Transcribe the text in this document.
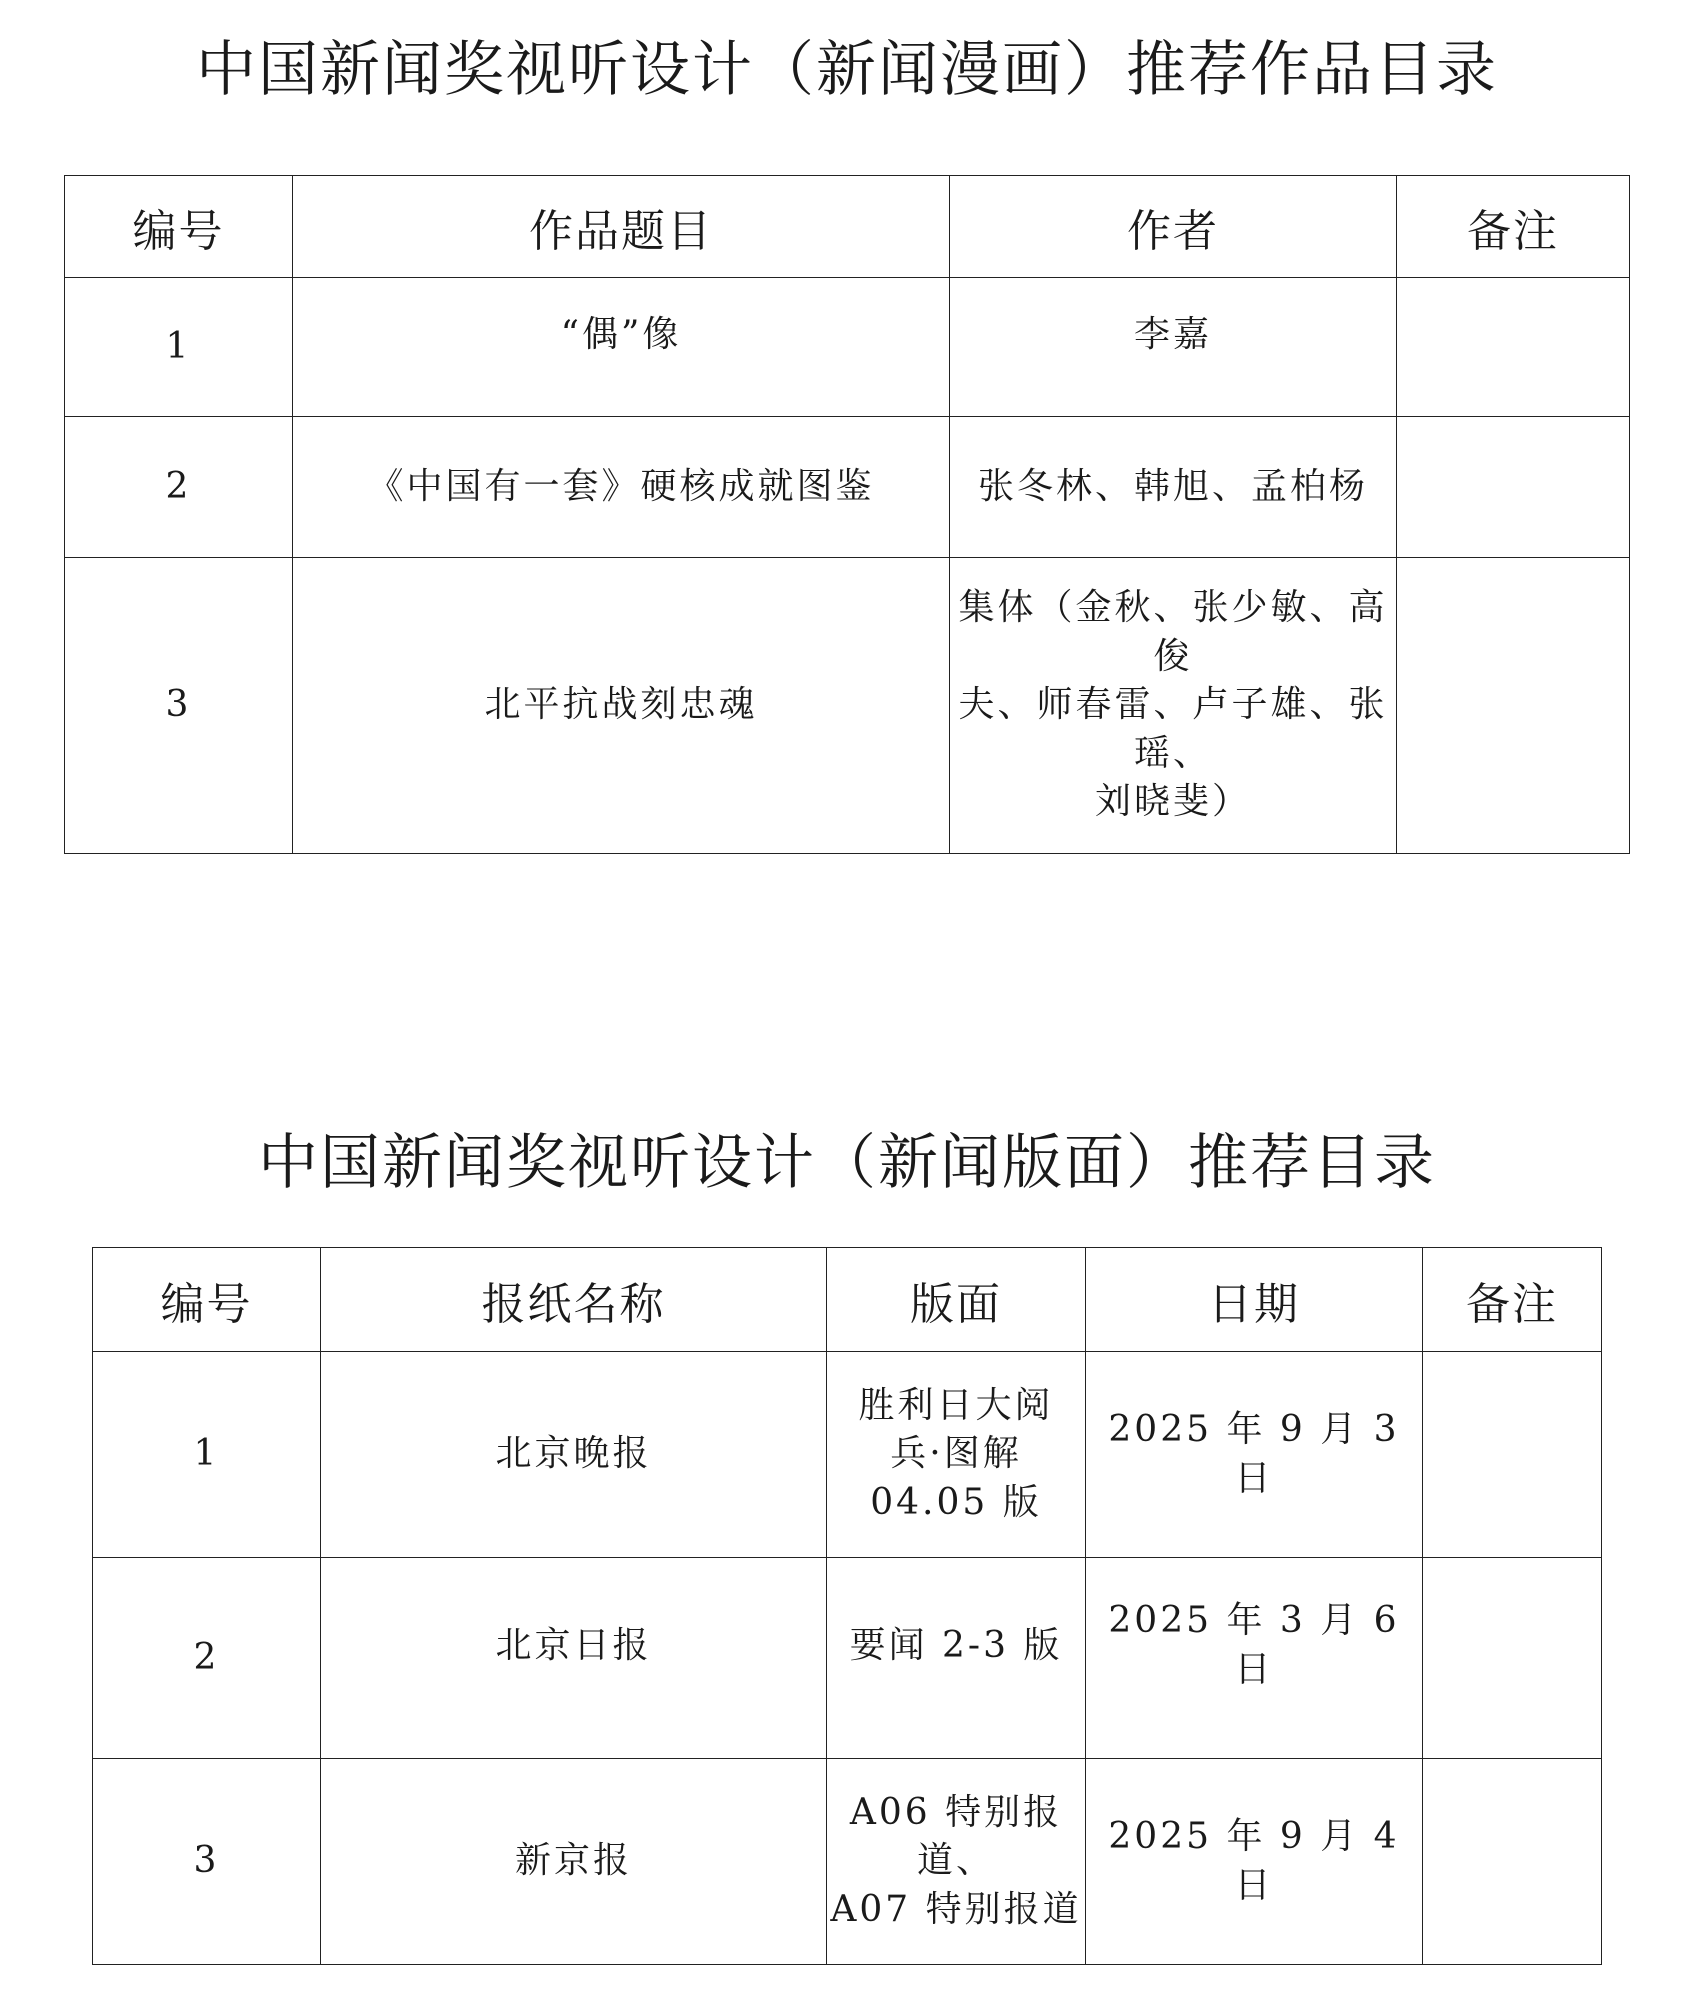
中国新闻奖视听设计（新闻漫画）推荐作品目录
编号	作品题目	作者	备注
1	“偶”像	李嘉	
2	《中国有一套》硬核成就图鉴	张冬林、韩旭、孟柏杨	
3	北平抗战刻忠魂	集体（金秋、张少敏、高俊
夫、师春雷、卢子雄、张瑶、
刘晓斐）	

中国新闻奖视听设计（新闻版面）推荐目录
编号	报纸名称	版面	日期	备注
1	北京晚报	胜利日大阅
兵·图解
04.05 版	2025 年 9 月 3 日	
2	北京日报	要闻 2-3 版	2025 年 3 月 6 日	
3	新京报	A06 特别报道、
A07 特别报道	2025 年 9 月 4 日	
